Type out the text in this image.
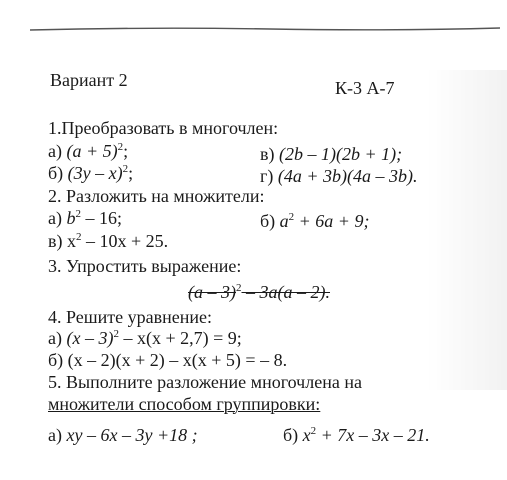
Вариант 2	К-3 А-7
1.Преобразовать в многочлен:
а) $(a + 5)^2$;	в) (2b – 1)(2b + 1);
б) (3y – x)$^2$;	г) (4a + 3b)(4a – 3b).
2. Разложить на множители:
а) $b^2 - 16$;	б) $a^2 + 6a + 9$;
в) $x^2 - 10x + 25$.
3. Упростить выражение:
(a – 3)$^2$ – 3a(a – 2).
4. Решите уравнение:
а) (x – 3)$^2$ – x(x + 2,7) = 9;
б) (x – 2)(x + 2) – x(x + 5) = – 8.
5. Выполните разложение многочлена на
множители способом группировки:
а) xy – 6x – 3y +18 ;	б) $x^2 + 7x - 3x - 21$.
